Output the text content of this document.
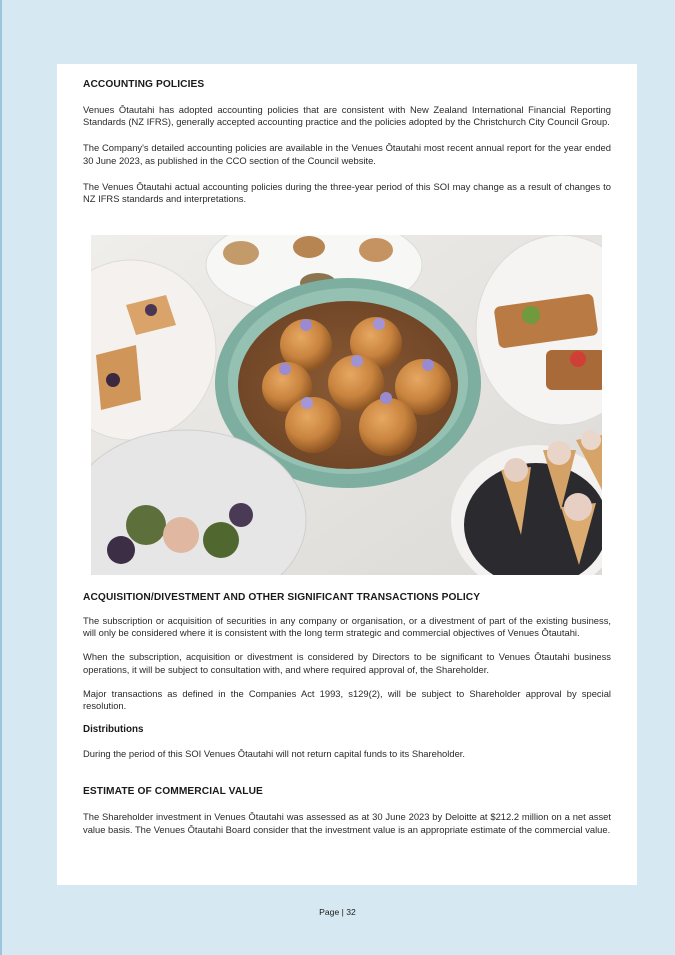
ACCOUNTING POLICIES

Venues Ōtautahi has adopted accounting policies that are consistent with New Zealand International Financial Reporting Standards (NZ IFRS), generally accepted accounting practice and the policies adopted by the Christchurch City Council Group.

The Company's detailed accounting policies are available in the Venues Ōtautahi most recent annual report for the year ended 30 June 2023, as published in the CCO section of the Council website.

The Venues Ōtautahi actual accounting policies during the three-year period of this SOI may change as a result of changes to NZ IFRS standards and interpretations.

ACQUISITION/DIVESTMENT AND OTHER SIGNIFICANT TRANSACTIONS POLICY

The subscription or acquisition of securities in any company or organisation, or a divestment of part of the existing business, will only be considered where it is consistent with the long term strategic and commercial objectives of Venues Ōtautahi.

When the subscription, acquisition or divestment is considered by Directors to be significant to Venues Ōtautahi business operations, it will be subject to consultation with, and where required approval of, the Shareholder.

Major transactions as defined in the Companies Act 1993, s129(2), will be subject to Shareholder approval by special resolution.

Distributions

During the period of this SOI Venues Ōtautahi will not return capital funds to its Shareholder.

ESTIMATE OF COMMERCIAL VALUE

The Shareholder investment in Venues Ōtautahi was assessed as at 30 June 2023 by Deloitte at $212.2 million on a net asset value basis. The Venues Ōtautahi Board consider that the investment value is an appropriate estimate of the commercial value.

Page | 32
